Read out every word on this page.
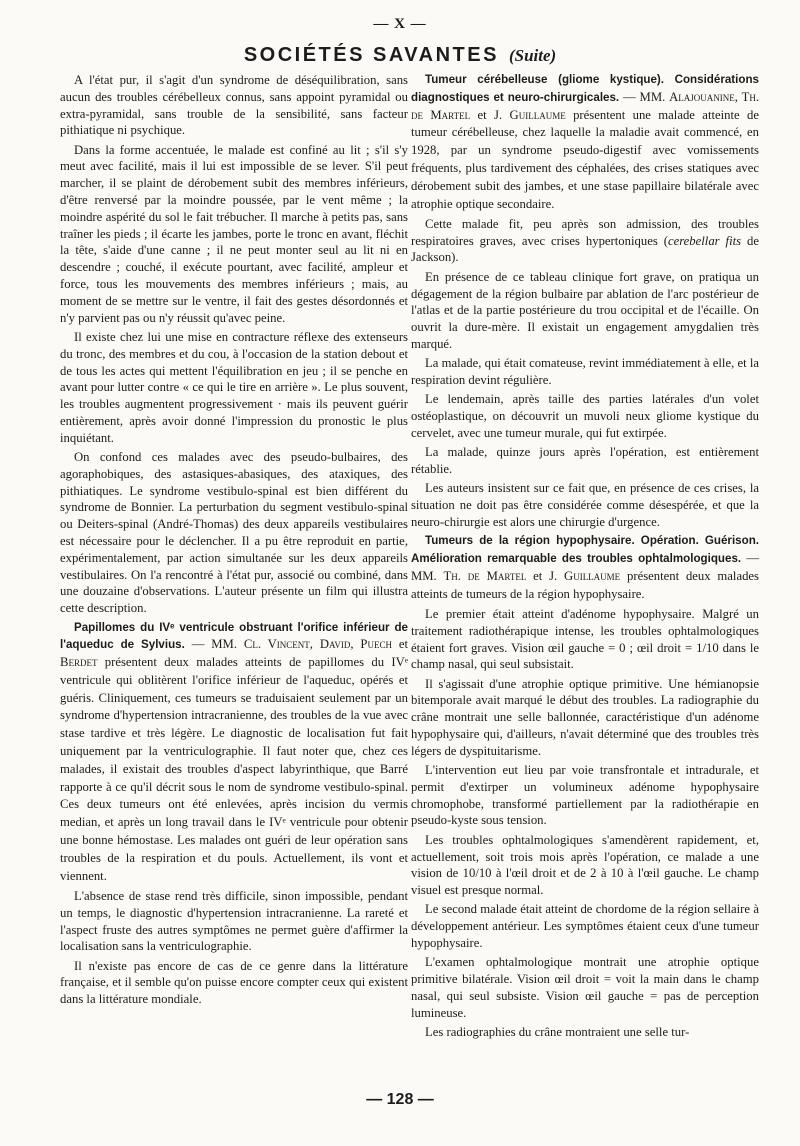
— X —
SOCIÉTÉS SAVANTES (Suite)

A l'état pur, il s'agit d'un syndrome de déséquilibration, sans aucun des troubles cérébelleux connus, sans appoint pyramidal ou extra-pyramidal, sans trouble de la sensibilité, sans facteur pithiatique ni psychique.

Dans la forme accentuée, le malade est confiné au lit ; s'il s'y meut avec facilité, mais il lui est impossible de se lever. S'il peut marcher, il se plaint de dérobement subit des membres inférieurs, d'être renversé par la moindre poussée, par le vent même ; la moindre aspérité du sol le fait trébucher. Il marche à petits pas, sans traîner les pieds ; il écarte les jambes, porte le tronc en avant, fléchit la tête, s'aide d'une canne ; il ne peut monter seul au lit ni en descendre ; couché, il exécute pourtant, avec facilité, ampleur et force, tous les mouvements des membres inférieurs ; mais, au moment de se mettre sur le ventre, il fait des gestes désordonnés et n'y parvient pas ou n'y réussit qu'avec peine.

Il existe chez lui une mise en contracture réflexe des extenseurs du tronc, des membres et du cou, à l'occasion de la station debout et de tous les actes qui mettent l'équilibration en jeu ; il se penche en avant pour lutter contre « ce qui le tire en arrière ». Le plus souvent, les troubles augmentent progressivement · mais ils peuvent guérir entièrement, après avoir donné l'impression du pronostic le plus inquiétant.

On confond ces malades avec des pseudo-bulbaires, des agoraphobiques, des astasiques-abasiques, des ataxiques, des pithiatiques. Le syndrome vestibulo-spinal est bien différent du syndrome de Bonnier. La perturbation du segment vestibulo-spinal ou Deiters-spinal (André-Thomas) des deux appareils vestibulaires est nécessaire pour le déclencher. Il a pu être reproduit en partie, expérimentalement, par action simultanée sur les deux appareils vestibulaires. On l'a rencontré à l'état pur, associé ou combiné, dans une douzaine d'observations. L'auteur présente un film qui illustra cette description.

Papillomes du IVᵉ ventricule obstruant l'orifice inférieur de l'aqueduc de Sylvius. — MM. Cl. Vincent, David, Puech et Berdet présentent deux malades atteints de papillomes du IVᵉ ventricule qui oblitèrent l'orifice inférieur de l'aqueduc, opérés et guéris. Cliniquement, ces tumeurs se traduisaient seulement par un syndrome d'hypertension intracranienne, des troubles de la vue avec stase tardive et très légère. Le diagnostic de localisation fut fait uniquement par la ventriculographie. Il faut noter que, chez ces malades, il existait des troubles d'aspect labyrinthique, que Barré rapporte à ce qu'il décrit sous le nom de syndrome vestibulo-spinal. Ces deux tumeurs ont été enlevées, après incision du vermis median, et après un long travail dans le IVᵉ ventricule pour obtenir une bonne hémostase. Les malades ont guéri de leur opération sans troubles de la respiration et du pouls. Actuellement, ils vont et viennent.

L'absence de stase rend très difficile, sinon impossible, pendant un temps, le diagnostic d'hypertension intracranienne. La rareté et l'aspect fruste des autres symptômes ne permet guère d'affirmer la localisation sans la ventriculographie.

Il n'existe pas encore de cas de ce genre dans la littérature française, et il semble qu'on puisse encore compter ceux qui existent dans la littérature mondiale.

Tumeur cérébelleuse (gliome kystique). Considérations diagnostiques et neuro-chirurgicales. — MM. Alajouanine, Th. de Martel et J. Guillaume présentent une malade atteinte de tumeur cérébelleuse, chez laquelle la maladie avait commencé, en 1928, par un syndrome pseudo-digestif avec vomissements fréquents, plus tardivement des céphalées, des crises statiques avec dérobement subit des jambes, et une stase papillaire bilatérale avec atrophie optique secondaire.

Cette malade fit, peu après son admission, des troubles respiratoires graves, avec crises hypertoniques (cerebellar fits de Jackson).

En présence de ce tableau clinique fort grave, on pratiqua un dégagement de la région bulbaire par ablation de l'arc postérieur de l'atlas et de la partie postérieure du trou occipital et de l'écaille. On ouvrit la dure-mère. Il existait un engagement amygdalien très marqué.

La malade, qui était comateuse, revint immédiatement à elle, et la respiration devint régulière.

Le lendemain, après taille des parties latérales d'un volet ostéoplastique, on découvrit un muvoli neux gliome kystique du cervelet, avec une tumeur murale, qui fut extirpée.

La malade, quinze jours après l'opération, est entièrement rétablie.

Les auteurs insistent sur ce fait que, en présence de ces crises, la situation ne doit pas être considérée comme désespérée, et que la neuro-chirurgie est alors une chirurgie d'urgence.

Tumeurs de la région hypophysaire. Opération. Guérison. Amélioration remarquable des troubles ophtalmologiques. — MM. Th. de Martel et J. Guillaume présentent deux malades atteints de tumeurs de la région hypophysaire.

Le premier était atteint d'adénome hypophysaire. Malgré un traitement radiothérapique intense, les troubles ophtalmologiques étaient fort graves. Vision œil gauche = 0 ; œil droit = 1/10 dans le champ nasal, qui seul subsistait.

Il s'agissait d'une atrophie optique primitive. Une hémianopsie bitemporale avait marqué le début des troubles. La radiographie du crâne montrait une selle ballonnée, caractéristique d'un adénome hypophysaire qui, d'ailleurs, n'avait déterminé que des troubles très légers de dyspituitarisme.

L'intervention eut lieu par voie transfrontale et intradurale, et permit d'extirper un volumineux adénome hypophysaire chromophobe, transformé partiellement par la radiothérapie en pseudo-kyste sous tension.

Les troubles ophtalmologiques s'amendèrent rapidement, et, actuellement, soit trois mois après l'opération, ce malade a une vision de 10/10 à l'œil droit et de 2 à 10 à l'œil gauche. Le champ visuel est presque normal.

Le second malade était atteint de chordome de la région sellaire à développement antérieur. Les symptômes étaient ceux d'une tumeur hypophysaire.

L'examen ophtalmologique montrait une atrophie optique primitive bilatérale. Vision œil droit = voit la main dans le champ nasal, qui seul subsiste. Vision œil gauche = pas de perception lumineuse.

Les radiographies du crâne montraient une selle tur-

— 128 —
